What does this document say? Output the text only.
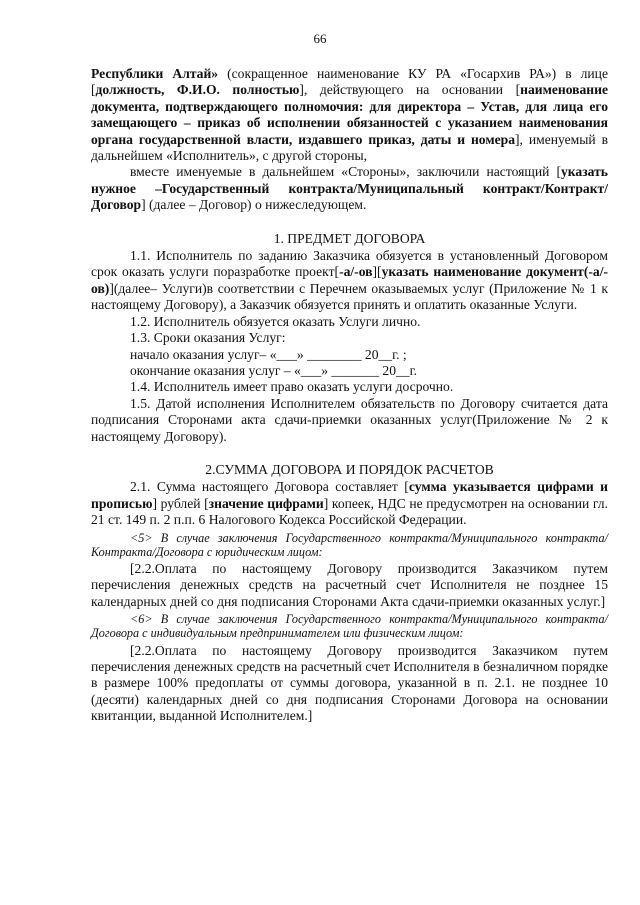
66

Республики Алтай» (сокращенное наименование КУ РА «Госархив РА») в лице [должность, Ф.И.О. полностью], действующего на основании [наименование документа, подтверждающего полномочия: для директора – Устав, для лица его замещающего – приказ об исполнении обязанностей с указанием наименования органа государственной власти, издавшего приказ, даты и номера], именуемый в дальнейшем «Исполнитель», с другой стороны,

вместе именуемые в дальнейшем «Стороны», заключили настоящий [указать нужное –Государственный контракта/Муниципальный контракт/Контракт/Договор] (далее – Договор) о нижеследующем.

1. ПРЕДМЕТ ДОГОВОРА

1.1. Исполнитель по заданию Заказчика обязуется в установленный Договором срок оказать услуги поразработке проект[-а/-ов][указать наименование документ(-а/-ов)](далее– Услуги)в соответствии с Перечнем оказываемых услуг (Приложение № 1 к настоящему Договору), а Заказчик обязуется принять и оплатить оказанные Услуги.

1.2. Исполнитель обязуется оказать Услуги лично.

1.3. Сроки оказания Услуг:

начало оказания услуг– «___» ________ 20__г. ;

окончание оказания услуг – «___» _______ 20__г.

1.4. Исполнитель имеет право оказать услуги досрочно.

1.5. Датой исполнения Исполнителем обязательств по Договору считается дата подписания Сторонами акта сдачи-приемки оказанных услуг(Приложение № 2 к настоящему Договору).

2.СУММА ДОГОВОРА И ПОРЯДОК РАСЧЕТОВ

2.1. Сумма настоящего Договора составляет [сумма указывается цифрами и прописью] рублей [значение цифрами] копеек, НДС не предусмотрен на основании гл. 21 ст. 149 п. 2 п.п. 6 Налогового Кодекса Российской Федерации.

<5> В случае заключения Государственного контракта/Муниципального контракта/Контракта/Договора с юридическим лицом:

[2.2.Оплата по настоящему Договору производится Заказчиком путем перечисления денежных средств на расчетный счет Исполнителя не позднее 15 календарных дней со дня подписания Сторонами Акта сдачи-приемки оказанных услуг.]

<6> В случае заключения Государственного контракта/Муниципального контракта/Договора с индивидуальным предпринимателем или физическим лицом:

[2.2.Оплата по настоящему Договору производится Заказчиком путем перечисления денежных средств на расчетный счет Исполнителя в безналичном порядке в размере 100% предоплаты от суммы договора, указанной в п. 2.1. не позднее 10 (десяти) календарных дней со дня подписания Сторонами Договора на основании квитанции, выданной Исполнителем.]
